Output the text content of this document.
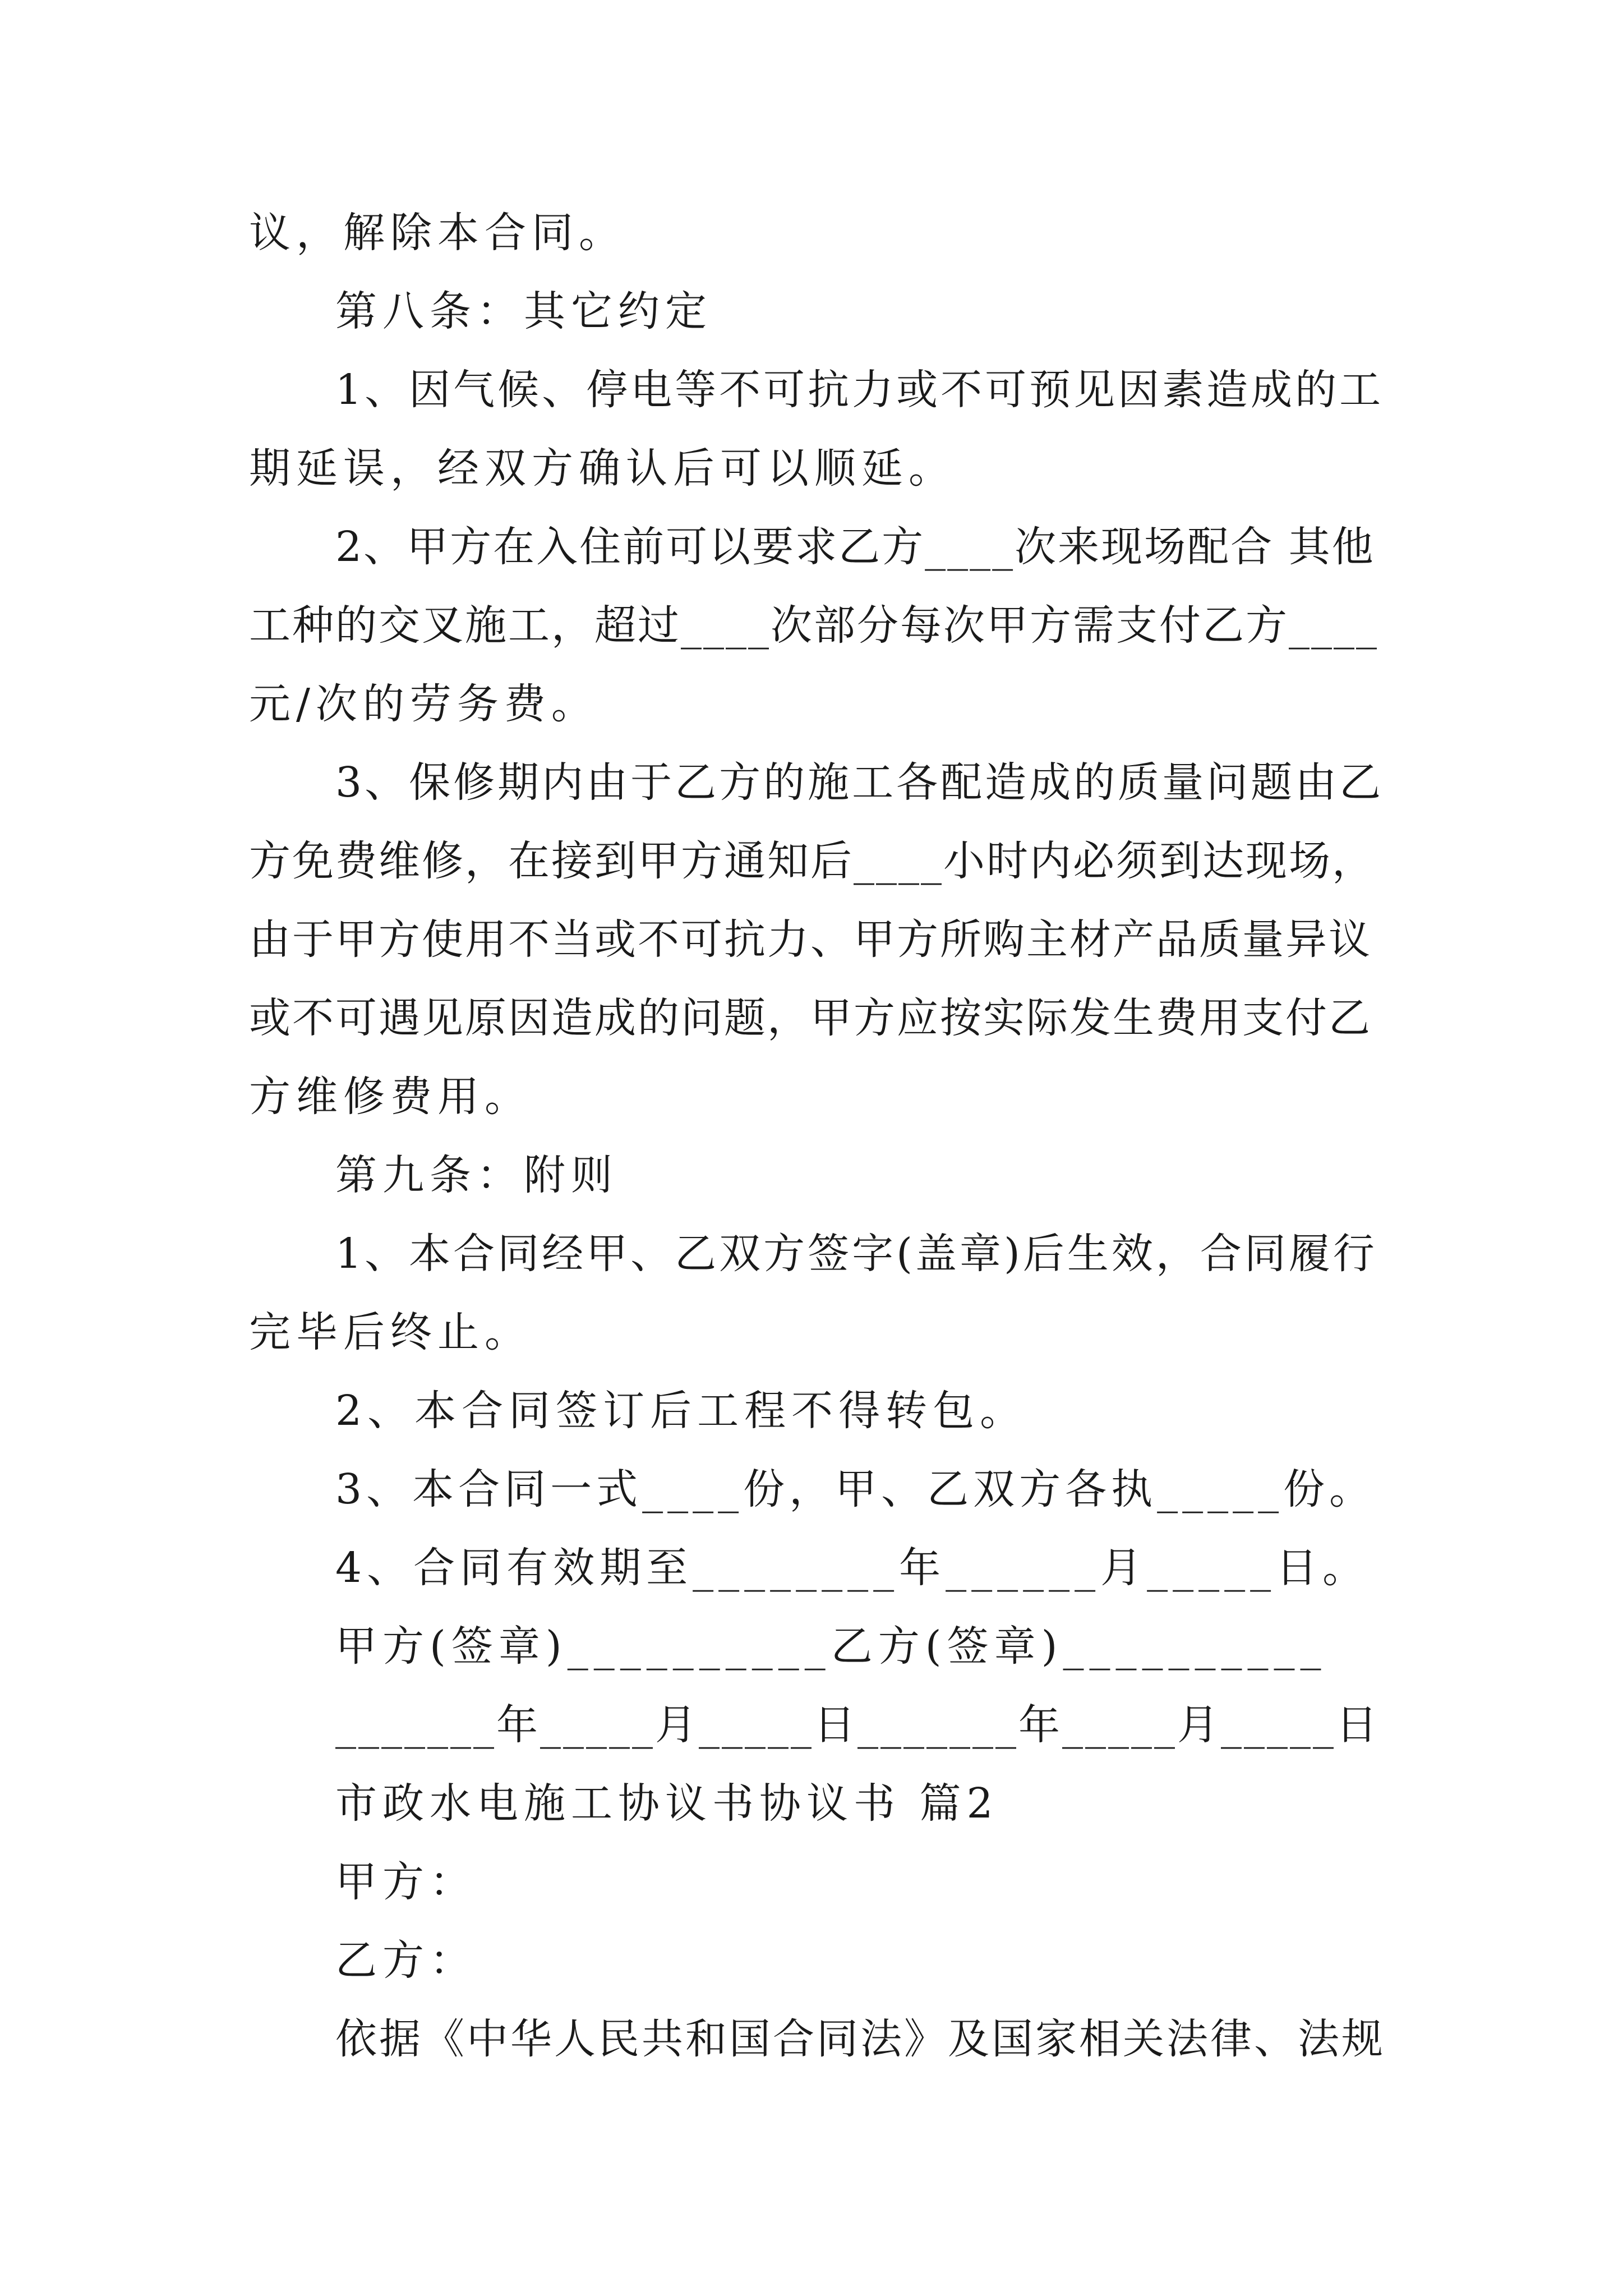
议，解除本合同。
第八条：其它约定
1、因气候、停电等不可抗力或不可预见因素造成的工
期延误，经双方确认后可以顺延。
2、甲方在入住前可以要求乙方____次来现场配合 其他
工种的交叉施工，超过____次部分每次甲方需支付乙方____
元/次的劳务费。
3、保修期内由于乙方的施工各配造成的质量问题由乙
方免费维修，在接到甲方通知后____小时内必须到达现场，
由于甲方使用不当或不可抗力、甲方所购主材产品质量异议
或不可遇见原因造成的问题，甲方应按实际发生费用支付乙
方维修费用。
第九条：附则
1、本合同经甲、乙双方签字(盖章)后生效，合同履行
完毕后终止。
2、本合同签订后工程不得转包。
3、本合同一式____份，甲、乙双方各执_____份。
4、合同有效期至________年______月_____日。
甲方(签章)__________乙方(签章)__________
_______年_____月_____日_______年_____月_____日
市政水电施工协议书协议书 篇2
甲方：
乙方：
依据《中华人民共和国合同法》及国家相关法律、法规
